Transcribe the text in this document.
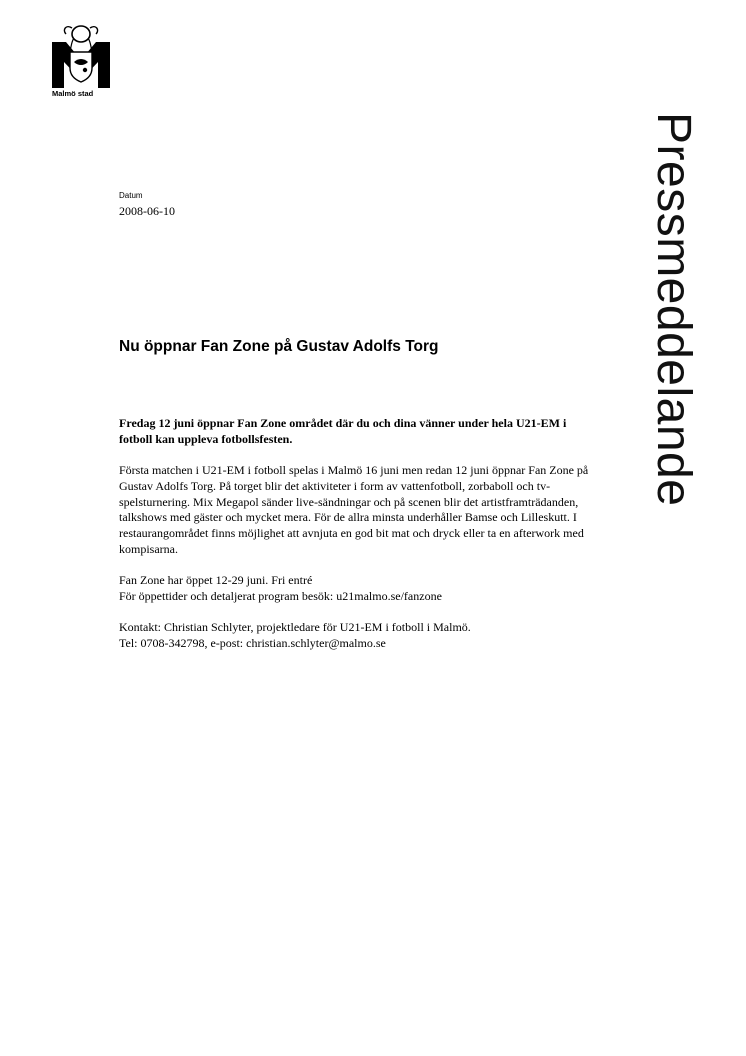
Malmö stad
Pressmeddelande
Datum
2008-06-10
Nu öppnar Fan Zone på Gustav Adolfs Torg

Fredag 12 juni öppnar Fan Zone området där du och dina vänner under hela U21-EM i fotboll kan uppleva fotbollsfesten.

Första matchen i U21-EM i fotboll spelas i Malmö 16 juni men redan 12 juni öppnar Fan Zone på Gustav Adolfs Torg. På torget blir det aktiviteter i form av vattenfotboll, zorbaboll och tv-spelsturnering. Mix Megapol sänder live-sändningar och på scenen blir det artistframträdanden, talkshows med gäster och mycket mera. För de allra minsta underhåller Bamse och Lilleskutt. I restaurangområdet finns möjlighet att avnjuta en god bit mat och dryck eller ta en afterwork med kompisarna.

Fan Zone har öppet 12-29 juni. Fri entré
För öppettider och detaljerat program besök: u21malmo.se/fanzone

Kontakt: Christian Schlyter, projektledare för U21-EM i fotboll i Malmö.
Tel: 0708-342798, e-post: christian.schlyter@malmo.se
